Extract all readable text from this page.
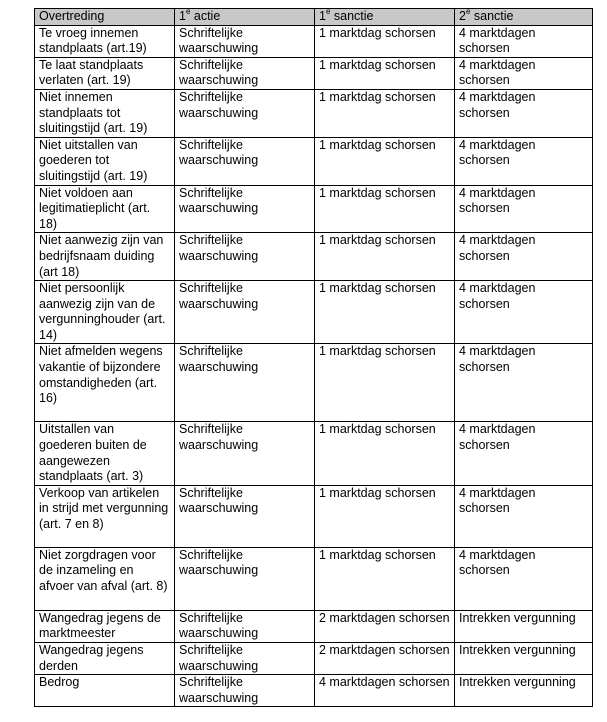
Overtreding	1e actie	1e sanctie	2e sanctie
Te vroeg innemen standplaats (art.19)	Schriftelijke waarschuwing	1 marktdag schorsen	4 marktdagen schorsen
Te laat standplaats verlaten (art. 19)	Schriftelijke waarschuwing	1 marktdag schorsen	4 marktdagen schorsen
Niet innemen standplaats tot sluitingstijd (art. 19)	Schriftelijke waarschuwing	1 marktdag schorsen	4 marktdagen schorsen
Niet uitstallen van goederen tot sluitingstijd (art. 19)	Schriftelijke waarschuwing	1 marktdag schorsen	4 marktdagen schorsen
Niet voldoen aan legitimatieplicht (art. 18)	Schriftelijke waarschuwing	1 marktdag schorsen	4 marktdagen schorsen
Niet aanwezig zijn van bedrijfsnaam duiding (art 18)	Schriftelijke waarschuwing	1 marktdag schorsen	4 marktdagen schorsen
Niet persoonlijk aanwezig zijn van de vergunninghouder (art. 14)	Schriftelijke waarschuwing	1 marktdag schorsen	4 marktdagen schorsen
Niet afmelden wegens vakantie of bijzondere omstandigheden (art. 16)	Schriftelijke waarschuwing	1 marktdag schorsen	4 marktdagen schorsen
Uitstallen van goederen buiten de aangewezen standplaats (art. 3)	Schriftelijke waarschuwing	1 marktdag schorsen	4 marktdagen schorsen
Verkoop van artikelen in strijd met vergunning (art. 7 en 8)	Schriftelijke waarschuwing	1 marktdag schorsen	4 marktdagen schorsen
Niet zorgdragen voor de inzameling en afvoer van afval (art. 8)	Schriftelijke waarschuwing	1 marktdag schorsen	4 marktdagen schorsen
Wangedrag jegens de marktmeester	Schriftelijke waarschuwing	2 marktdagen schorsen	Intrekken vergunning
Wangedrag jegens derden	Schriftelijke waarschuwing	2 marktdagen schorsen	Intrekken vergunning
Bedrog	Schriftelijke waarschuwing	4 marktdagen schorsen	Intrekken vergunning
